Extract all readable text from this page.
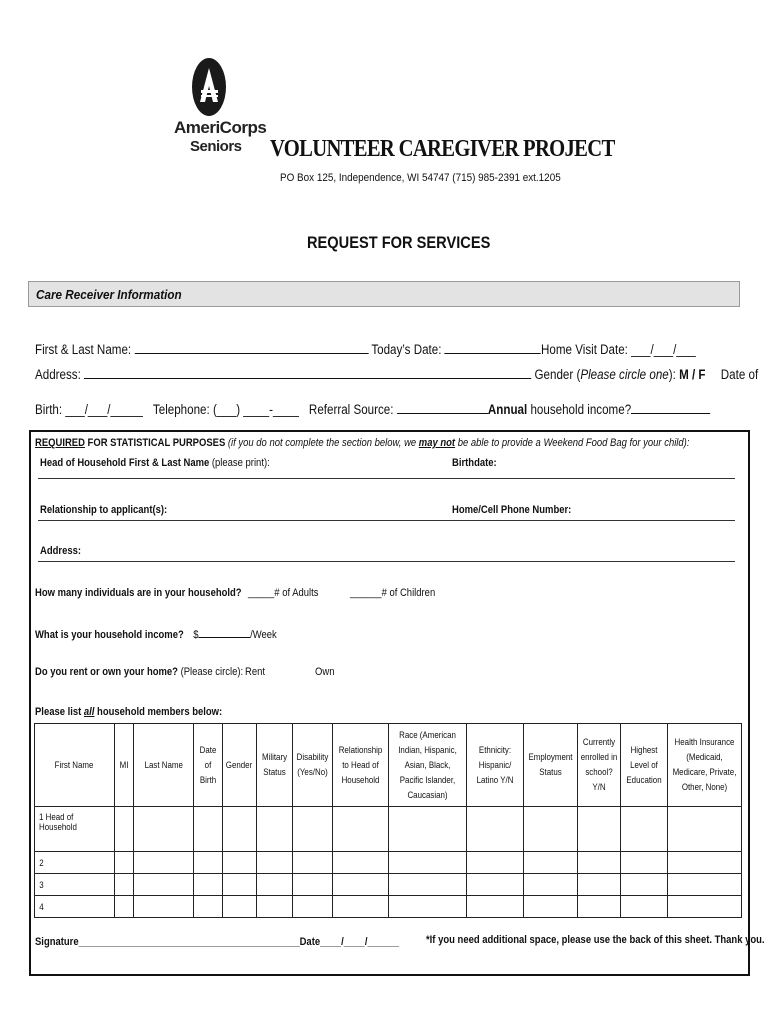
AmeriCorps
Seniors VOLUNTEER CAREGIVER PROJECT
PO Box 125, Independence, WI 54747 (715) 985-2391 ext.1205
REQUEST FOR SERVICES
Care Receiver Information
First & Last Name:	Today’s Date:	Home Visit Date: ___/___/___
Address:	Gender (Please circle one): M / F Date of
Birth: ___/___/_____ Telephone: (___) ____-____ Referral Source:	Annual household income?
REQUIRED FOR STATISTICAL PURPOSES (if you do not complete the section below, we may not be able to provide a Weekend Food Bag for your child):
Head of Household First & Last Name (please print):	Birthdate:
Relationship to applicant(s):	Home/Cell Phone Number:
Address:
How many individuals are in your household? _____# of Adults	______# of Children
What is your household income? $	/Week
Do you rent or own your home? (Please circle): Rent	Own
Please list all household members below:
First Name	MI	Last Name	Date of Birth	Gender	Military Status	Disability (Yes/No)	Relationship to Head of Household	Race (American Indian, Hispanic, Asian, Black, Pacific Islander, Caucasian)	Ethnicity: Hispanic/ Latino Y/N	Employment Status	Currently enrolled in school? Y/N	Highest Level of Education	Health Insurance (Medicaid, Medicare, Private, Other, None)
1 Head of Household													
2													
3													
4													
Signature__________________________________________Date____/____/______ *If you need additional space, please use the back of this sheet. Thank you.
